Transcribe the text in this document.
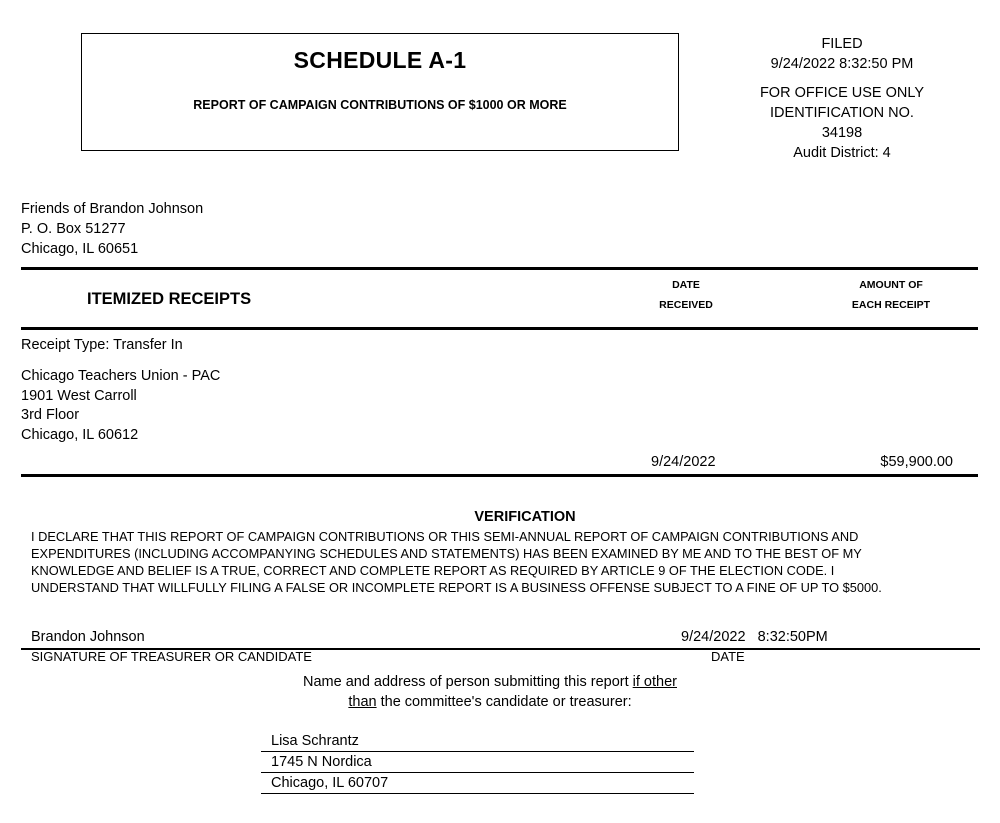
SCHEDULE A-1
REPORT OF CAMPAIGN CONTRIBUTIONS OF $1000 OR MORE
FILED
9/24/2022 8:32:50 PM
FOR OFFICE USE ONLY
IDENTIFICATION NO.
34198
Audit District: 4
Friends of Brandon Johnson
P. O. Box 51277
Chicago, IL 60651
ITEMIZED RECEIPTS
DATE
RECEIVED
AMOUNT OF
EACH RECEIPT
Receipt Type: Transfer In
Chicago Teachers Union - PAC
1901 West Carroll
3rd Floor
Chicago, IL 60612
9/24/2022	$59,900.00
VERIFICATION
I DECLARE THAT THIS REPORT OF CAMPAIGN CONTRIBUTIONS OR THIS SEMI-ANNUAL REPORT OF CAMPAIGN CONTRIBUTIONS AND EXPENDITURES (INCLUDING ACCOMPANYING SCHEDULES AND STATEMENTS) HAS BEEN EXAMINED BY ME AND TO THE BEST OF MY KNOWLEDGE AND BELIEF IS A TRUE, CORRECT AND COMPLETE REPORT AS REQUIRED BY ARTICLE 9 OF THE ELECTION CODE. I UNDERSTAND THAT WILLFULLY FILING A FALSE OR INCOMPLETE REPORT IS A BUSINESS OFFENSE SUBJECT TO A FINE OF UP TO $5000.
Brandon Johnson	9/24/2022 8:32:50PM
SIGNATURE OF TREASURER OR CANDIDATE	DATE
Name and address of person submitting this report if other
than the committee's candidate or treasurer:
Lisa Schrantz
1745 N Nordica
Chicago, IL 60707
